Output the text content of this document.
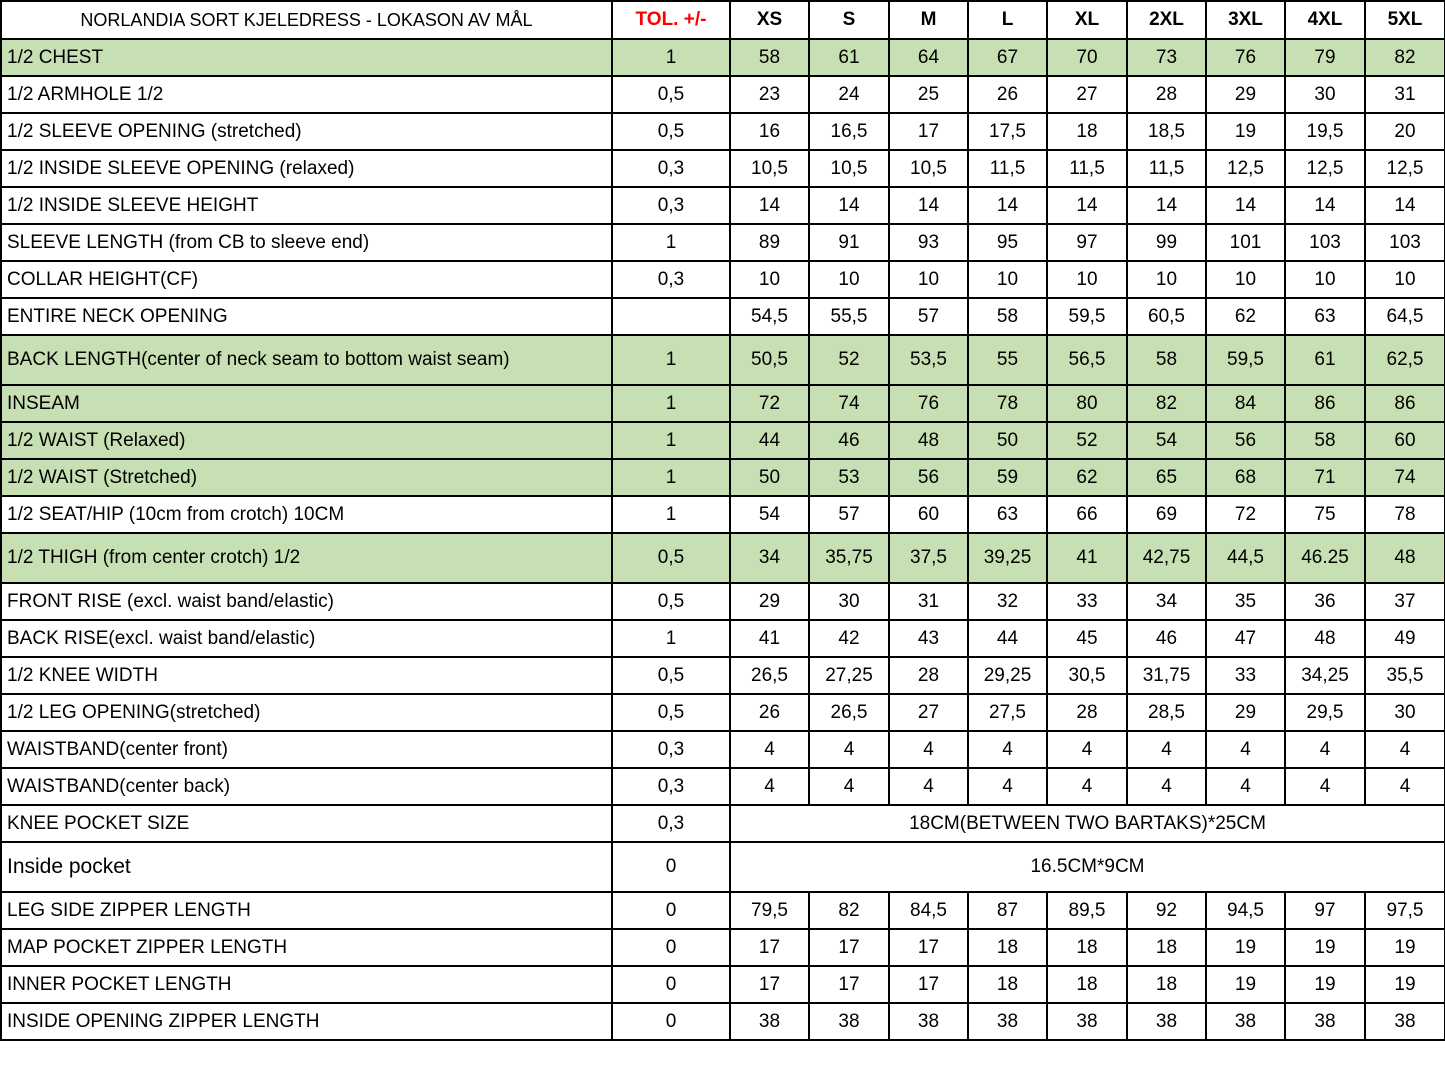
NORLANDIA SORT KJELEDRESS - LOKASON AV MÅL	TOL. +/-	XS	S	M	L	XL	2XL	3XL	4XL	5XL
1/2 CHEST	1	58	61	64	67	70	73	76	79	82
1/2 ARMHOLE 1/2	0,5	23	24	25	26	27	28	29	30	31
1/2 SLEEVE OPENING (stretched)	0,5	16	16,5	17	17,5	18	18,5	19	19,5	20
1/2 INSIDE SLEEVE OPENING (relaxed)	0,3	10,5	10,5	10,5	11,5	11,5	11,5	12,5	12,5	12,5
1/2 INSIDE SLEEVE HEIGHT	0,3	14	14	14	14	14	14	14	14	14
SLEEVE LENGTH (from CB to sleeve end)	1	89	91	93	95	97	99	101	103	103
COLLAR HEIGHT(CF)	0,3	10	10	10	10	10	10	10	10	10
ENTIRE NECK OPENING		54,5	55,5	57	58	59,5	60,5	62	63	64,5
BACK LENGTH(center of neck seam to bottom waist seam)	1	50,5	52	53,5	55	56,5	58	59,5	61	62,5
INSEAM	1	72	74	76	78	80	82	84	86	86
1/2 WAIST (Relaxed)	1	44	46	48	50	52	54	56	58	60
1/2 WAIST (Stretched)	1	50	53	56	59	62	65	68	71	74
1/2 SEAT/HIP (10cm from crotch) 10CM	1	54	57	60	63	66	69	72	75	78
1/2 THIGH (from center crotch) 1/2	0,5	34	35,75	37,5	39,25	41	42,75	44,5	46.25	48
FRONT RISE (excl. waist band/elastic)	0,5	29	30	31	32	33	34	35	36	37
BACK RISE(excl. waist band/elastic)	1	41	42	43	44	45	46	47	48	49
1/2 KNEE WIDTH	0,5	26,5	27,25	28	29,25	30,5	31,75	33	34,25	35,5
1/2 LEG OPENING(stretched)	0,5	26	26,5	27	27,5	28	28,5	29	29,5	30
WAISTBAND(center front)	0,3	4	4	4	4	4	4	4	4	4
WAISTBAND(center back)	0,3	4	4	4	4	4	4	4	4	4
KNEE POCKET SIZE	0,3	18CM(BETWEEN TWO BARTAKS)*25CM								
Inside pocket	0	16.5CM*9CM								
LEG SIDE ZIPPER LENGTH	0	79,5	82	84,5	87	89,5	92	94,5	97	97,5
MAP POCKET ZIPPER LENGTH	0	17	17	17	18	18	18	19	19	19
INNER POCKET LENGTH	0	17	17	17	18	18	18	19	19	19
INSIDE OPENING ZIPPER LENGTH	0	38	38	38	38	38	38	38	38	38
